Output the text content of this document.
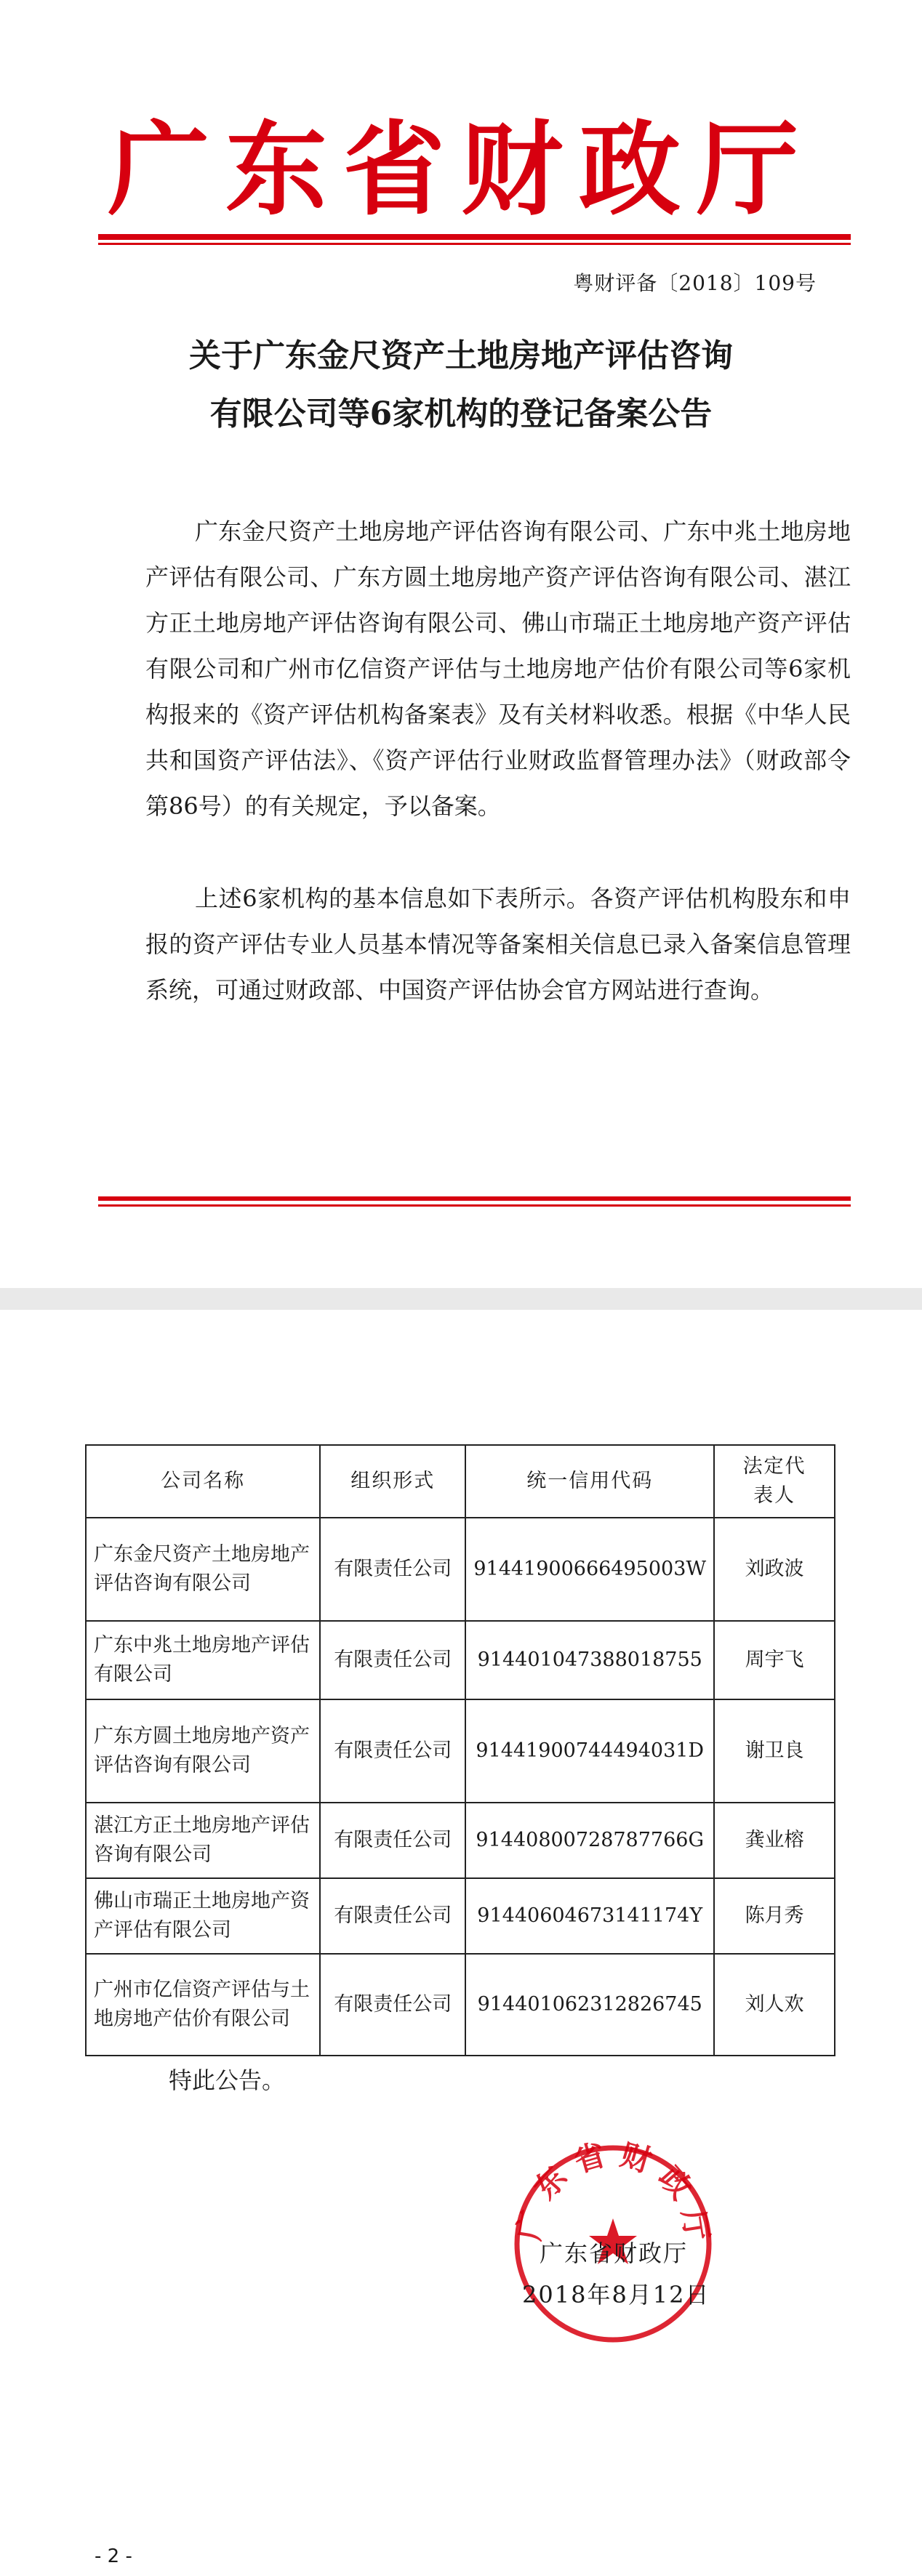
广东省财政厅
粤财评备〔2018〕109号
关于广东金尺资产土地房地产评估咨询
有限公司等6家机构的登记备案公告

广东金尺资产土地房地产评估咨询有限公司、广东中兆土地房地产评估有限公司、广东方圆土地房地产资产评估咨询有限公司、湛江方正土地房地产评估咨询有限公司、佛山市瑞正土地房地产资产评估有限公司和广州市亿信资产评估与土地房地产估价有限公司等6家机构报来的《资产评估机构备案表》及有关材料收悉。根据《中华人民共和国资产评估法》、《资产评估行业财政监督管理办法》（财政部令第86号）的有关规定，予以备案。

上述6家机构的基本信息如下表所示。各资产评估机构股东和申报的资产评估专业人员基本情况等备案相关信息已录入备案信息管理系统，可通过财政部、中国资产评估协会官方网站进行查询。

公司名称	组织形式	统一信用代码	法定代表人
广东金尺资产土地房地产评估咨询有限公司	有限责任公司	91441900666495003W	刘政波
广东中兆土地房地产评估有限公司	有限责任公司	914401047388018755	周宇飞
广东方圆土地房地产资产评估咨询有限公司	有限责任公司	91441900744494031D	谢卫良
湛江方正土地房地产评估咨询有限公司	有限责任公司	91440800728787766G	龚业榕
佛山市瑞正土地房地产资产评估有限公司	有限责任公司	91440604673141174Y	陈月秀
广州市亿信资产评估与土地房地产估价有限公司	有限责任公司	914401062312826745	刘人欢
特此公告。
广 东 省 财 政 厅
广东省财政厅
2018年8月12日
- 2 -
